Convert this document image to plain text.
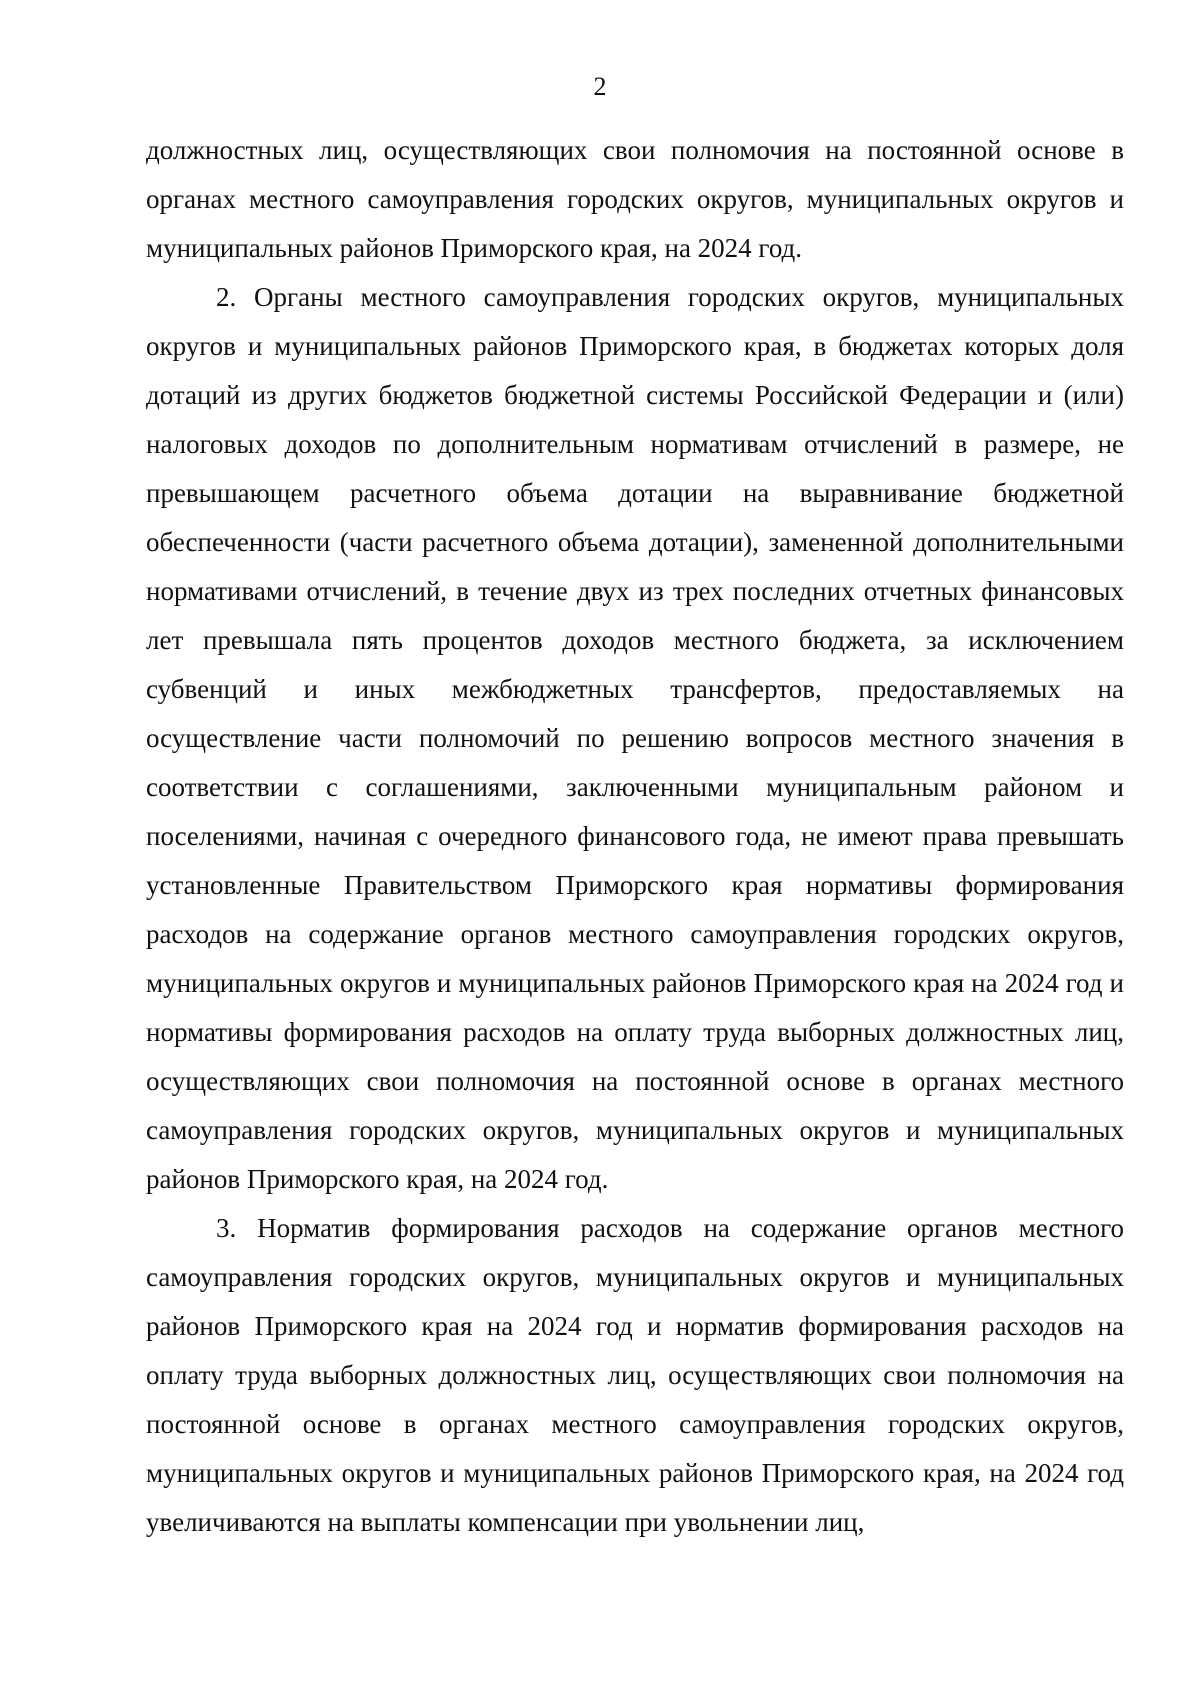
2

должностных лиц, осуществляющих свои полномочия на постоянной основе в органах местного самоуправления городских округов, муниципальных округов и муниципальных районов Приморского края, на 2024 год.

2. Органы местного самоуправления городских округов, муниципальных округов и муниципальных районов Приморского края, в бюджетах которых доля дотаций из других бюджетов бюджетной системы Российской Федерации и (или) налоговых доходов по дополнительным нормативам отчислений в размере, не превышающем расчетного объема дотации на выравнивание бюджетной обеспеченности (части расчетного объема дотации), замененной дополнительными нормативами отчислений, в течение двух из трех последних отчетных финансовых лет превышала пять процентов доходов местного бюджета, за исключением субвенций и иных межбюджетных трансфертов, предоставляемых на осуществление части полномочий по решению вопросов местного значения в соответствии с соглашениями, заключенными муниципальным районом и поселениями, начиная с очередного финансового года, не имеют права превышать установленные Правительством Приморского края нормативы формирования расходов на содержание органов местного самоуправления городских округов, муниципальных округов и муниципальных районов Приморского края на 2024 год и нормативы формирования расходов на оплату труда выборных должностных лиц, осуществляющих свои полномочия на постоянной основе в органах местного самоуправления городских округов, муниципальных округов и муниципальных районов Приморского края, на 2024 год.

3. Норматив формирования расходов на содержание органов местного самоуправления городских округов, муниципальных округов и муниципальных районов Приморского края на 2024 год и норматив формирования расходов на оплату труда выборных должностных лиц, осуществляющих свои полномочия на постоянной основе в органах местного самоуправления городских округов, муниципальных округов и муниципальных районов Приморского края, на 2024 год увеличиваются на выплаты компенсации при увольнении лиц,
